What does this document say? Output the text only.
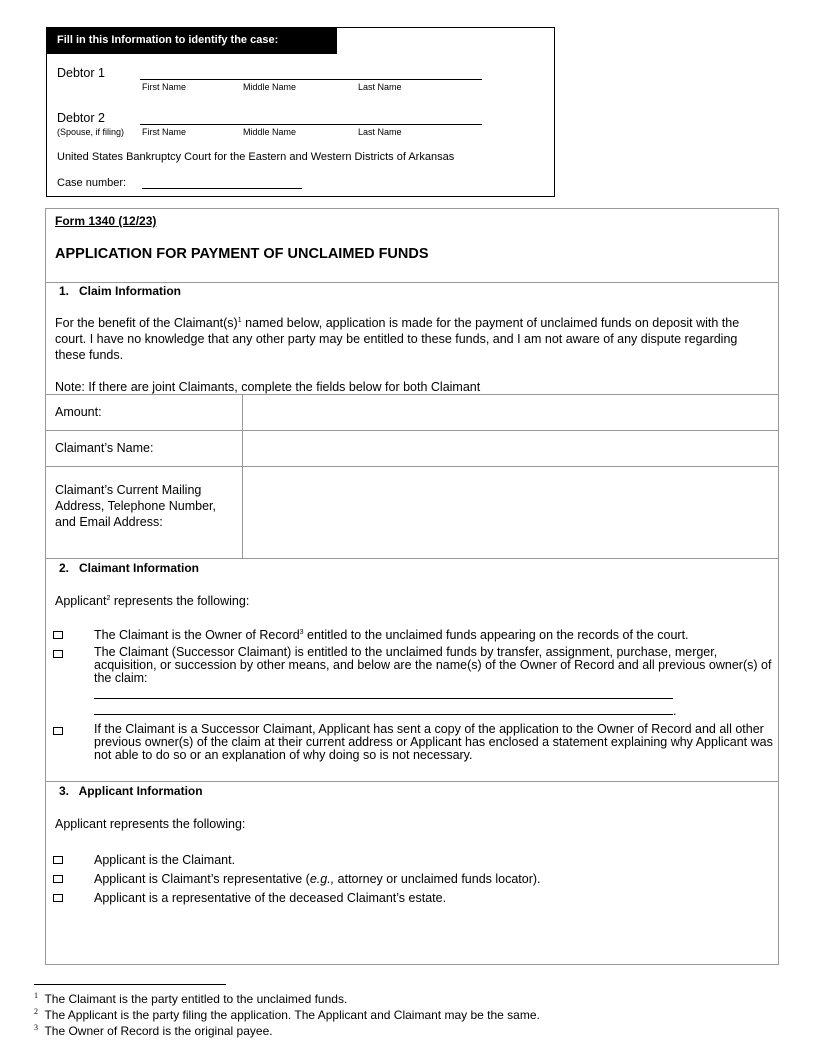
Fill in this Information to identify the case:
Debtor 1
First Name	Middle Name	Last Name
Debtor 2
(Spouse, if filing) First Name	Middle Name	Last Name
United States Bankruptcy Court for the Eastern and Western Districts of Arkansas
Case number:
Form 1340 (12/23)
APPLICATION FOR PAYMENT OF UNCLAIMED FUNDS
1.   Claim Information
For the benefit of the $Claimant(s)^1$ named below, application is made for the payment of unclaimed funds on deposit with the court. I have no knowledge that any other party may be entitled to these funds, and I am not aware of any dispute regarding these funds.
Note: If there are joint Claimants, complete the fields below for both Claimant
Amount:
Claimant’s Name:
Claimant’s Current Mailing Address, Telephone Number, and Email Address:
2.   Claimant Information
Applicant$^2$ represents the following:
The Claimant is the Owner of Record$^3$ entitled to the unclaimed funds appearing on the records of the court.
The Claimant (Successor Claimant) is entitled to the unclaimed funds by transfer, assignment, purchase, merger, acquisition, or succession by other means, and below are the name(s) of the Owner of Record and all previous owner(s) of the claim:
.
If the Claimant is a Successor Claimant, Applicant has sent a copy of the application to the Owner of Record and all other previous owner(s) of the claim at their current address or Applicant has enclosed a statement explaining why Applicant was not able to do so or an explanation of why doing so is not necessary.
3.   Applicant Information
Applicant represents the following:
Applicant is the Claimant.
Applicant is Claimant’s representative (e.g., attorney or unclaimed funds locator).
Applicant is a representative of the deceased Claimant’s estate.
$^1$ The Claimant is the party entitled to the unclaimed funds.
$^2$ The Applicant is the party filing the application. The Applicant and Claimant may be the same.
$^3$ The Owner of Record is the original payee.
